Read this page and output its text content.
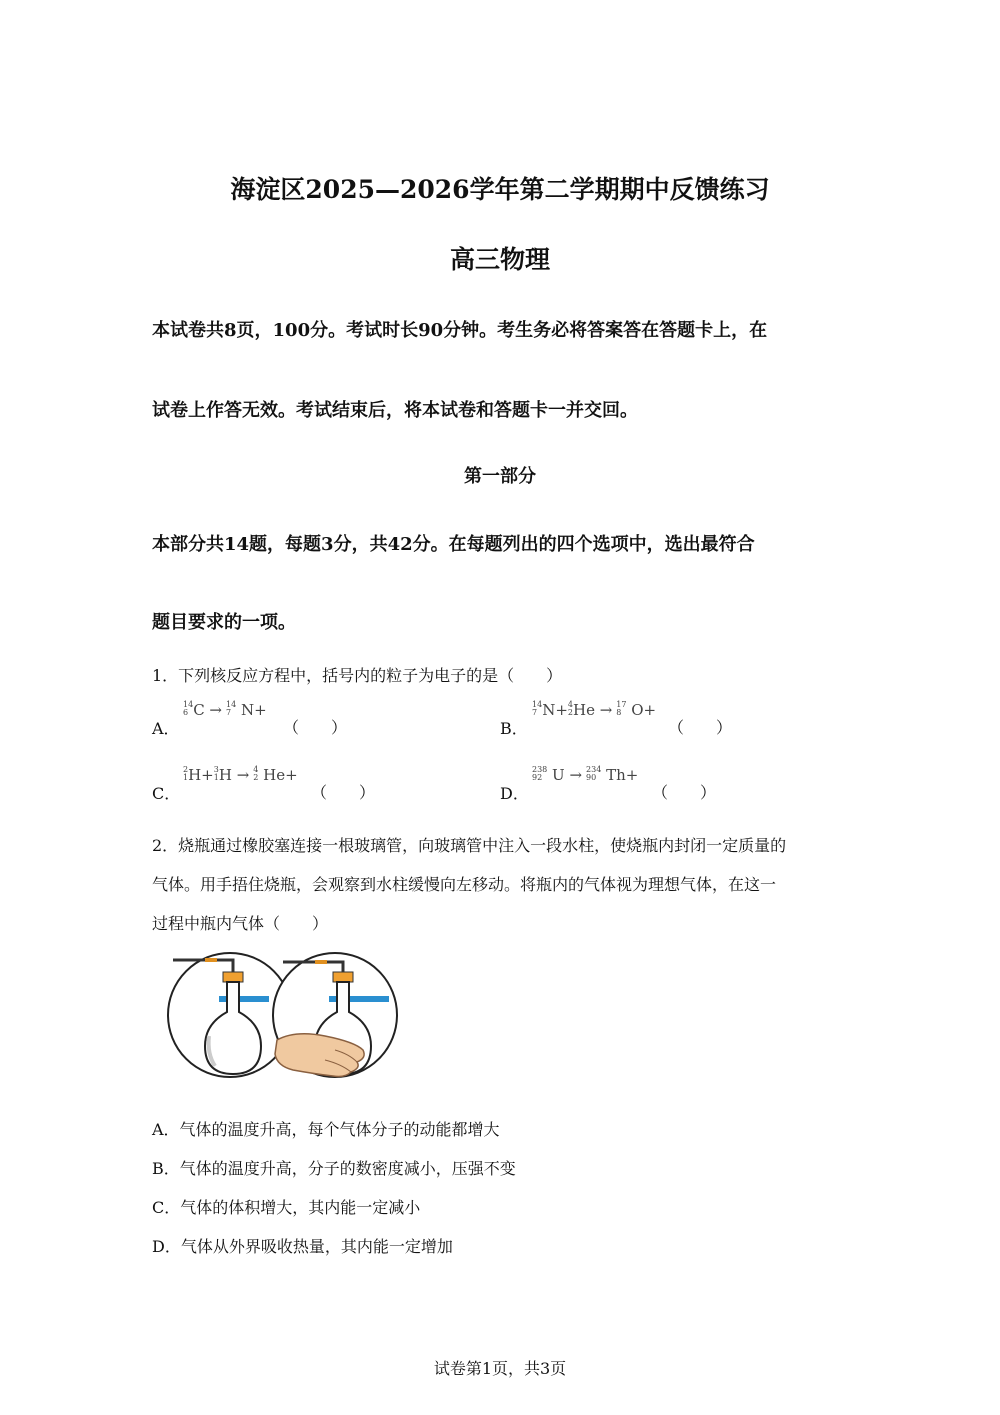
海淀区2025—2026学年第二学期期中反馈练习
高三物理
本试卷共8页，100分。考试时长90分钟。考生务必将答案答在答题卡上，在
试卷上作答无效。考试结束后，将本试卷和答题卡一并交回。
第一部分
本部分共14题，每题3分，共42分。在每题列出的四个选项中，选出最符合
题目要求的一项。
1．下列核反应方程中，括号内的粒子为电子的是（　　）
A．
14
6 C → 14
7 N+
（　　）	B．
14
7 N+4
2He → 17
8 O+
（　　）
C．
2
1H+3
1H → 4
2 He+
（　　）	D．
238
92 U → 234
90 Th+
（　　）
2．烧瓶通过橡胶塞连接一根玻璃管，向玻璃管中注入一段水柱，使烧瓶内封闭一定质量的
气体。用手捂住烧瓶，会观察到水柱缓慢向左移动。将瓶内的气体视为理想气体，在这一
过程中瓶内气体（　　）
A．气体的温度升高，每个气体分子的动能都增大
B．气体的温度升高，分子的数密度减小，压强不变
C．气体的体积增大，其内能一定减小
D．气体从外界吸收热量，其内能一定增加
试卷第1页，共3页
